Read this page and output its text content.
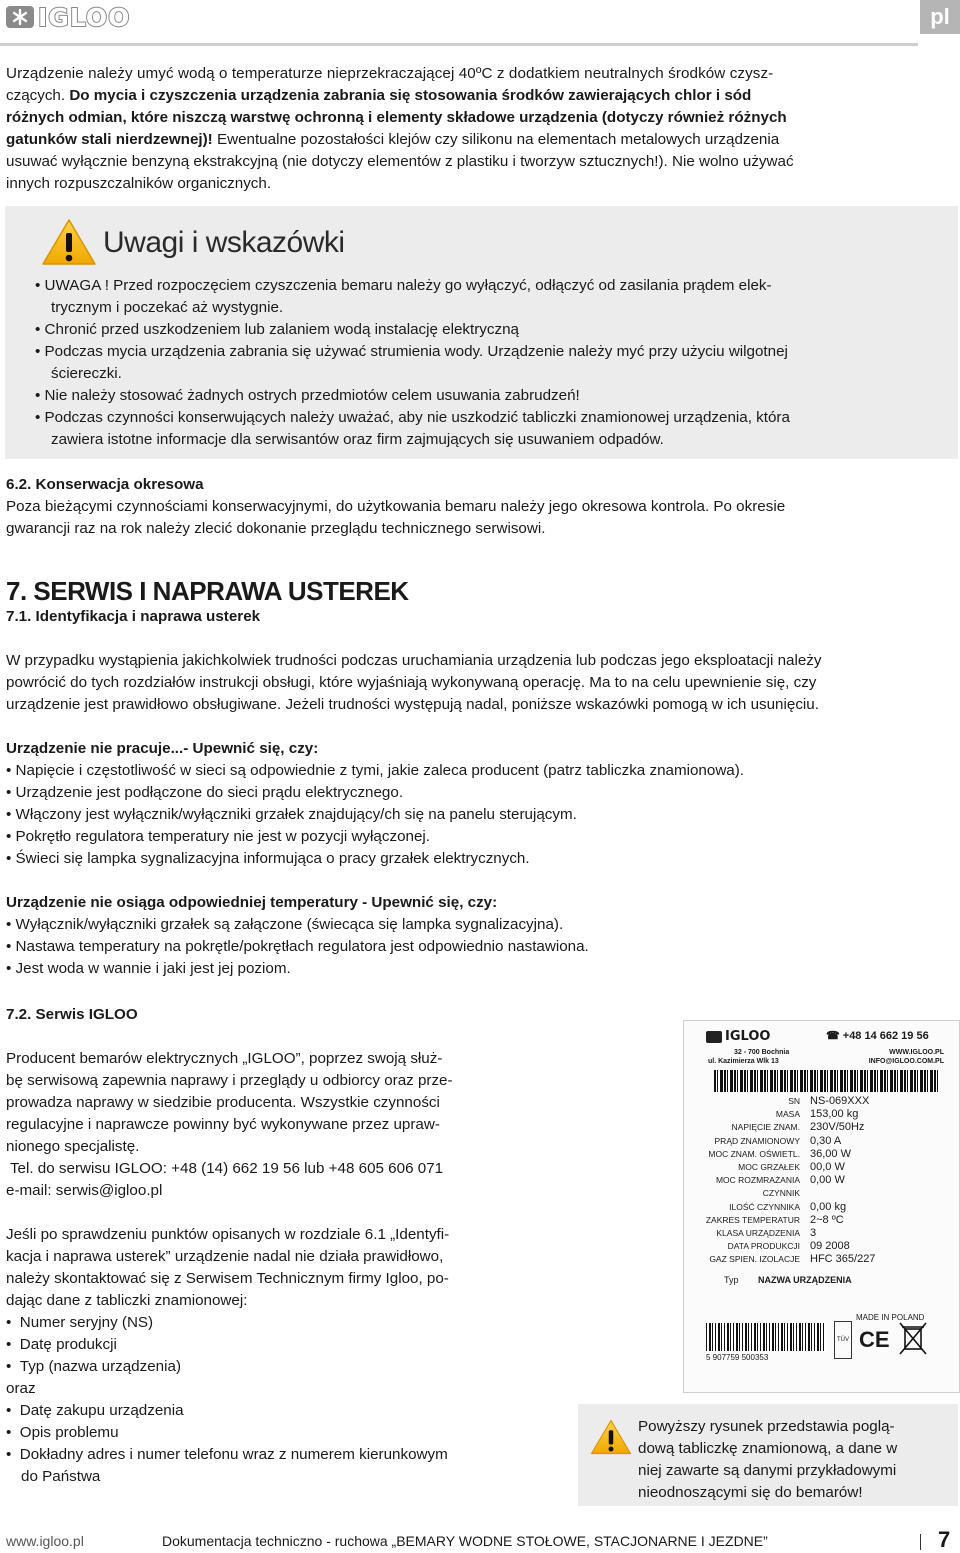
IGLOO	pl
Urządzenie należy umyć wodą o temperaturze nieprzekraczającej 40ºC z dodatkiem neutralnych środków czysz-
czących. Do mycia i czyszczenia urządzenia zabrania się stosowania środków zawierających chlor i sód
różnych odmian, które niszczą warstwę ochronną i elementy składowe urządzenia (dotyczy również różnych
gatunków stali nierdzewnej)! Ewentualne pozostałości klejów czy silikonu na elementach metalowych urządzenia
usuwać wyłącznie benzyną ekstrakcyjną (nie dotyczy elementów z plastiku i tworzyw sztucznych!). Nie wolno używać
innych rozpuszczalników organicznych.
Uwagi i wskazówki
• UWAGA ! Przed rozpoczęciem czyszczenia bemaru należy go wyłączyć, odłączyć od zasilania prądem elek-
trycznym i poczekać aż wystygnie.
• Chronić przed uszkodzeniem lub zalaniem wodą instalację elektryczną
• Podczas mycia urządzenia zabrania się używać strumienia wody. Urządzenie należy myć przy użyciu wilgotnej
ściereczki.
• Nie należy stosować żadnych ostrych przedmiotów celem usuwania zabrudzeń!
• Podczas czynności konserwujących należy uważać, aby nie uszkodzić tabliczki znamionowej urządzenia, która
zawiera istotne informacje dla serwisantów oraz firm zajmujących się usuwaniem odpadów.
6.2. Konserwacja okresowa
Poza bieżącymi czynnościami konserwacyjnymi, do użytkowania bemaru należy jego okresowa kontrola. Po okresie
gwarancji raz na rok należy zlecić dokonanie przeglądu technicznego serwisowi.
7. SERWIS I NAPRAWA USTEREK
7.1. Identyfikacja i naprawa usterek
W przypadku wystąpienia jakichkolwiek trudności podczas uruchamiania urządzenia lub podczas jego eksploatacji należy
powrócić do tych rozdziałów instrukcji obsługi, które wyjaśniają wykonywaną operację. Ma to na celu upewnienie się, czy
urządzenie jest prawidłowo obsługiwane. Jeżeli trudności występują nadal, poniższe wskazówki pomogą w ich usunięciu.
Urządzenie nie pracuje...- Upewnić się, czy:
• Napięcie i częstotliwość w sieci są odpowiednie z tymi, jakie zaleca producent (patrz tabliczka znamionowa).
• Urządzenie jest podłączone do sieci prądu elektrycznego.
• Włączony jest wyłącznik/wyłączniki grzałek znajdujący/ch się na panelu sterującym.
• Pokrętło regulatora temperatury nie jest w pozycji wyłączonej.
• Świeci się lampka sygnalizacyjna informująca o pracy grzałek elektrycznych.
Urządzenie nie osiąga odpowiedniej temperatury - Upewnić się, czy:
• Wyłącznik/wyłączniki grzałek są załączone (świecąca się lampka sygnalizacyjna).
• Nastawa temperatury na pokrętle/pokrętłach regulatora jest odpowiednio nastawiona.
• Jest woda w wannie i jaki jest jej poziom.
7.2. Serwis IGLOO
Producent bemarów elektrycznych „IGLOO”, poprzez swoją służ-
bę serwisową zapewnia naprawy i przeglądy u odbiorcy oraz prze-
prowadza naprawy w siedzibie producenta. Wszystkie czynności
regulacyjne i naprawcze powinny być wykonywane przez upraw-
nionego specjalistę.
Tel. do serwisu IGLOO: +48 (14) 662 19 56 lub +48 605 606 071
e-mail: serwis@igloo.pl
Jeśli po sprawdzeniu punktów opisanych w rozdziale 6.1 „Identyfi-
kacja i naprawa usterek” urządzenie nadal nie działa prawidłowo,
należy skontaktować się z Serwisem Technicznym firmy Igloo, po-
dając dane z tabliczki znamionowej:
•  Numer seryjny (NS)
•  Datę produkcji
•  Typ (nazwa urządzenia)
oraz
•  Datę zakupu urządzenia
•  Opis problemu
•  Dokładny adres i numer telefonu wraz z numerem kierunkowym
do Państwa
IGLOO	☎ +48 14 662 19 56
32 - 700 Bochnia
ul. Kazimierza Wlk 13
WWW.IGLOO.PL
INFO@IGLOO.COM.PL
SN NS-069XXX
MASA 153,00 kg
NAPIĘCIE ZNAM. 230V/50Hz
PRĄD ZNAMIONOWY 0,30 A
MOC ZNAM. OŚWIETL. 36,00 W
MOC GRZAŁEK 00,0 W
MOC ROZMRAŻANIA 0,00 W
CZYNNIK
ILOŚĆ CZYNNIKA 0,00 kg
ZAKRES TEMPERATUR 2~8 ºC
KLASA URZĄDZENIA 3
DATA PRODUKCJI 09 2008
GAZ SPIEN. IZOLACJE HFC 365/227
Typ NAZWA URZĄDZENIA
MADE IN POLAND
TÜV
5 907759 500353
CE
Powyższy rysunek przedstawia poglą-
dową tabliczkę znamionową, a dane w
niej zawarte są danymi przykładowymi
nieodnoszącymi się do bemarów!
www.igloo.pl	Dokumentacja techniczno - ruchowa „BEMARY WODNE STOŁOWE, STACJONARNE I JEZDNE”	7
